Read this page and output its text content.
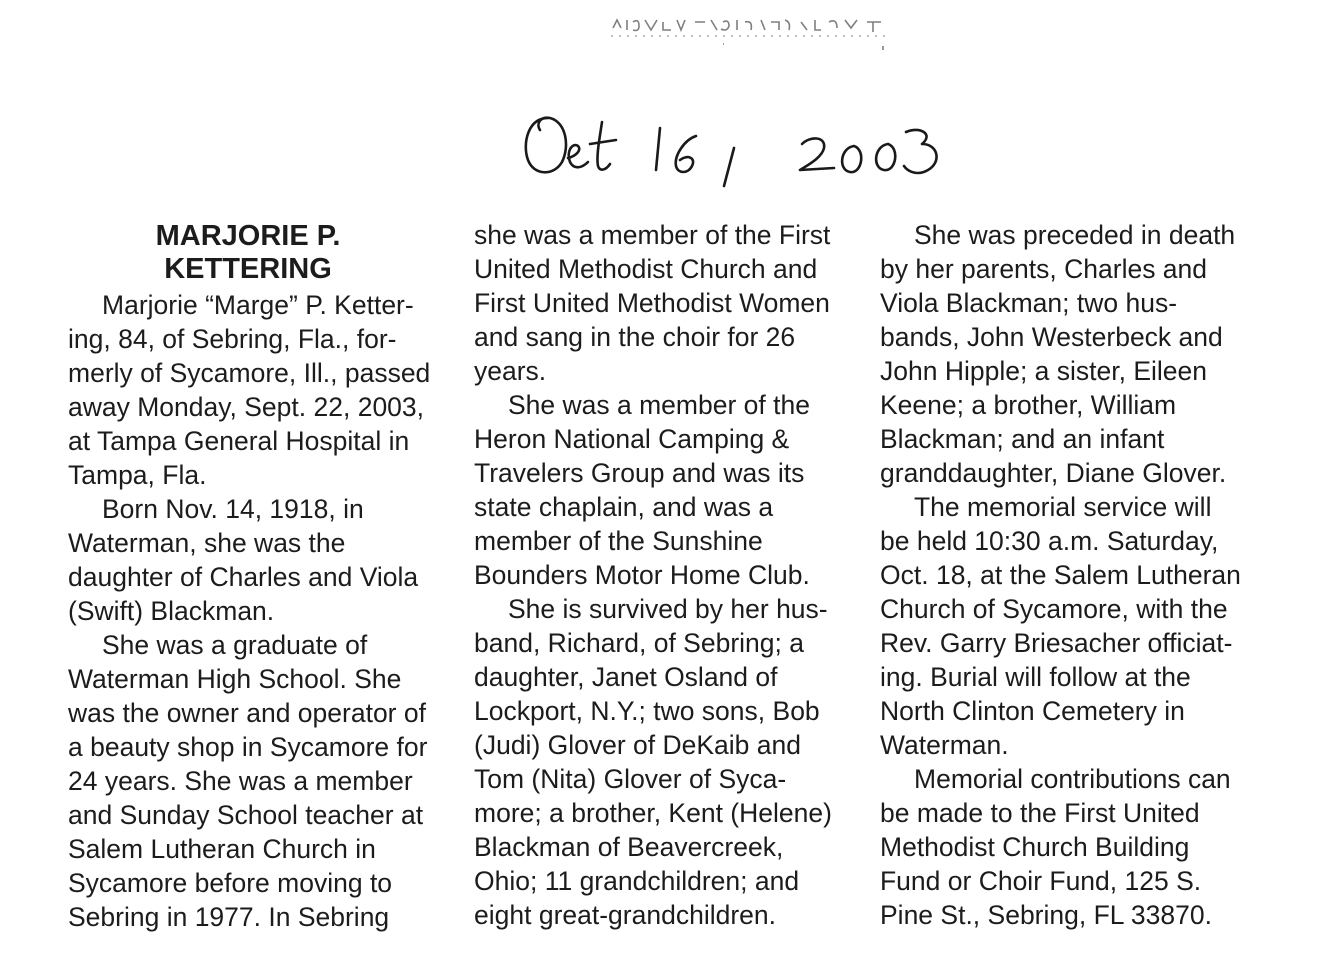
MARJORIE P.
KETTERING

Marjorie “Marge” P. Ketter-
ing, 84, of Sebring, Fla., for-
merly of Sycamore, Ill., passed
away Monday, Sept. 22, 2003,
at Tampa General Hospital in
Tampa, Fla.

Born Nov. 14, 1918, in
Waterman, she was the
daughter of Charles and Viola
(Swift) Blackman.

She was a graduate of
Waterman High School. She
was the owner and operator of
a beauty shop in Sycamore for
24 years. She was a member
and Sunday School teacher at
Salem Lutheran Church in
Sycamore before moving to
Sebring in 1977. In Sebring

she was a member of the First
United Methodist Church and
First United Methodist Women
and sang in the choir for 26
years.

She was a member of the
Heron National Camping &
Travelers Group and was its
state chaplain, and was a
member of the Sunshine
Bounders Motor Home Club.

She is survived by her hus-
band, Richard, of Sebring; a
daughter, Janet Osland of
Lockport, N.Y.; two sons, Bob
(Judi) Glover of DeKaib and
Tom (Nita) Glover of Syca-
more; a brother, Kent (Helene)
Blackman of Beavercreek,
Ohio; 11 grandchildren; and
eight great-grandchildren.

She was preceded in death
by her parents, Charles and
Viola Blackman; two hus-
bands, John Westerbeck and
John Hipple; a sister, Eileen
Keene; a brother, William
Blackman; and an infant
granddaughter, Diane Glover.

The memorial service will
be held 10:30 a.m. Saturday,
Oct. 18, at the Salem Lutheran
Church of Sycamore, with the
Rev. Garry Briesacher officiat-
ing. Burial will follow at the
North Clinton Cemetery in
Waterman.

Memorial contributions can
be made to the First United
Methodist Church Building
Fund or Choir Fund, 125 S.
Pine St., Sebring, FL 33870.
